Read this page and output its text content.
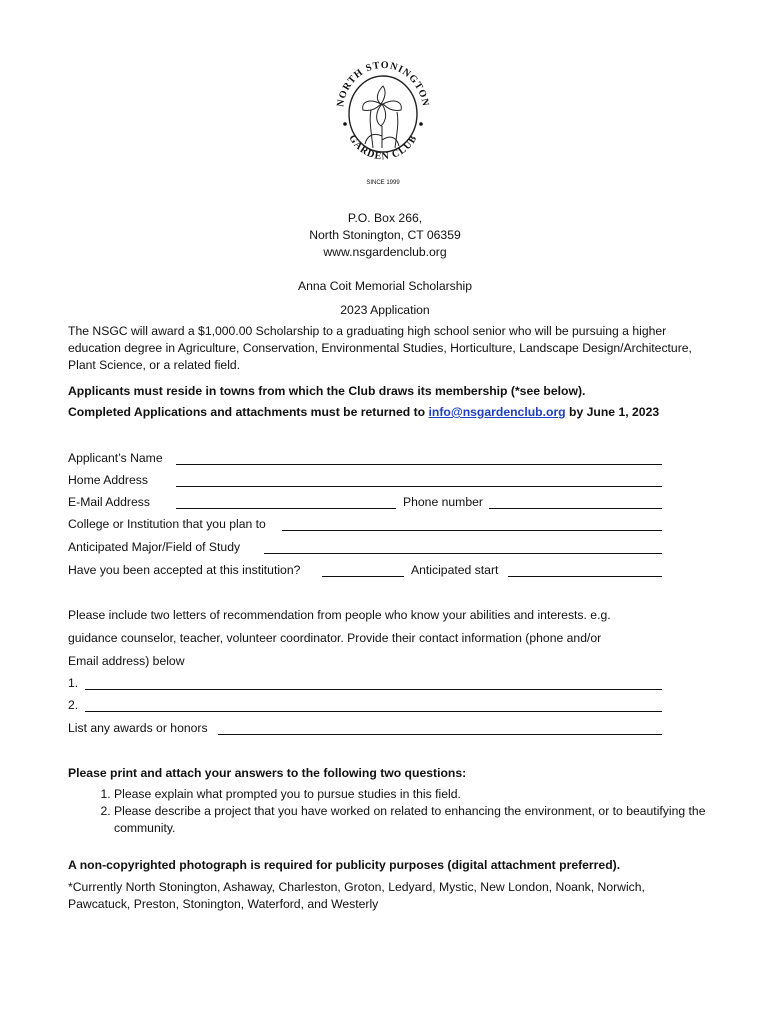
NORTH STONINGTON
GARDEN CLUB
SINCE 1999
P.O. Box 266,
North Stonington, CT 06359
www.nsgardenclub.org
Anna Coit Memorial Scholarship
2023 Application
The NSGC will award a $1,000.00 Scholarship to a graduating high school senior who will be pursuing a higher education degree in Agriculture, Conservation, Environmental Studies, Horticulture, Landscape Design/Architecture, Plant Science, or a related field.
Applicants must reside in towns from which the Club draws its membership (*see below).
Completed Applications and attachments must be returned to info@nsgardenclub.org by June 1, 2023
Applicant’s Name
Home Address
E-Mail Address	Phone number
College or Institution that you plan to
Anticipated Major/Field of Study
Have you been accepted at this institution?	Anticipated start
Please include two letters of recommendation from people who know your abilities and interests. e.g.
guidance counselor, teacher, volunteer coordinator. Provide their contact information (phone and/or
Email address) below
1.
2.
List any awards or honors
Please print and attach your answers to the following two questions:
1. Please explain what prompted you to pursue studies in this field.
2. Please describe a project that you have worked on related to enhancing the environment, or to beautifying the community.
A non-copyrighted photograph is required for publicity purposes (digital attachment preferred).
*Currently North Stonington, Ashaway, Charleston, Groton, Ledyard, Mystic, New London, Noank, Norwich, Pawcatuck, Preston, Stonington, Waterford, and Westerly
